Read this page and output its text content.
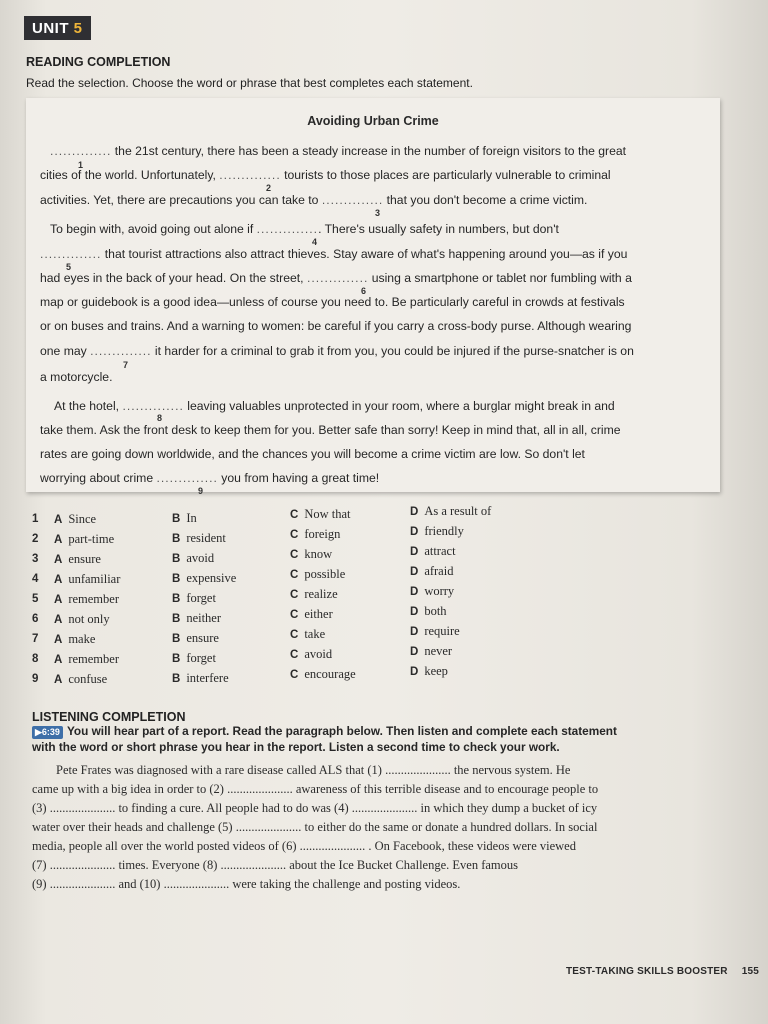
UNIT 5
READING COMPLETION
Read the selection. Choose the word or phrase that best completes each statement.
Avoiding Urban Crime
.............. the 21st century, there has been a steady increase in the number of foreign visitors to the great
cities of the world. Unfortunately, .............. tourists to those places are particularly vulnerable to criminal
activities. Yet, there are precautions you can take to .............. that you don't become a crime victim.
To begin with, avoid going out alone if ............... There's usually safety in numbers, but don't
.............. that tourist attractions also attract thieves. Stay aware of what's happening around you—as if you
had eyes in the back of your head. On the street, .............. using a smartphone or tablet nor fumbling with a
map or guidebook is a good idea—unless of course you need to. Be particularly careful in crowds at festivals
or on buses and trains. And a warning to women: be careful if you carry a cross-body purse. Although wearing
one may .............. it harder for a criminal to grab it from you, you could be injured if the purse-snatcher is on
a motorcycle.
At the hotel, .............. leaving valuables unprotected in your room, where a burglar might break in and
take them. Ask the front desk to keep them for you. Better safe than sorry! Keep in mind that, all in all, crime
rates are going down worldwide, and the chances you will become a crime victim are low. So don't let
worrying about crime .............. you from having a great time!
1
2
3
4
5
6
7
8
9
1 A Since	B In	C Now that	D As a result of
2 A part-time	B resident	C foreign	D friendly
3 A ensure	B avoid	C know	D attract
4 A unfamiliar	B expensive	C possible	D afraid
5 A remember	B forget	C realize	D worry
6 A not only	B neither	C either	D both
7 A make	B ensure	C take	D require
8 A remember	B forget	C avoid	D never
9 A confuse	B interfere	C encourage	D keep
LISTENING COMPLETION
▶6:39 You will hear part of a report. Read the paragraph below. Then listen and complete each statement
with the word or short phrase you hear in the report. Listen a second time to check your work.
Pete Frates was diagnosed with a rare disease called ALS that (1) ..................... the nervous system. He
came up with a big idea in order to (2) ..................... awareness of this terrible disease and to encourage people to
(3) ..................... to finding a cure. All people had to do was (4) ..................... in which they dump a bucket of icy
water over their heads and challenge (5) ..................... to either do the same or donate a hundred dollars. In social
media, people all over the world posted videos of (6) ..................... . On Facebook, these videos were viewed
(7) ..................... times. Everyone (8) ..................... about the Ice Bucket Challenge. Even famous
(9) ..................... and (10) ..................... were taking the challenge and posting videos.
TEST-TAKING SKILLS BOOSTER 155
